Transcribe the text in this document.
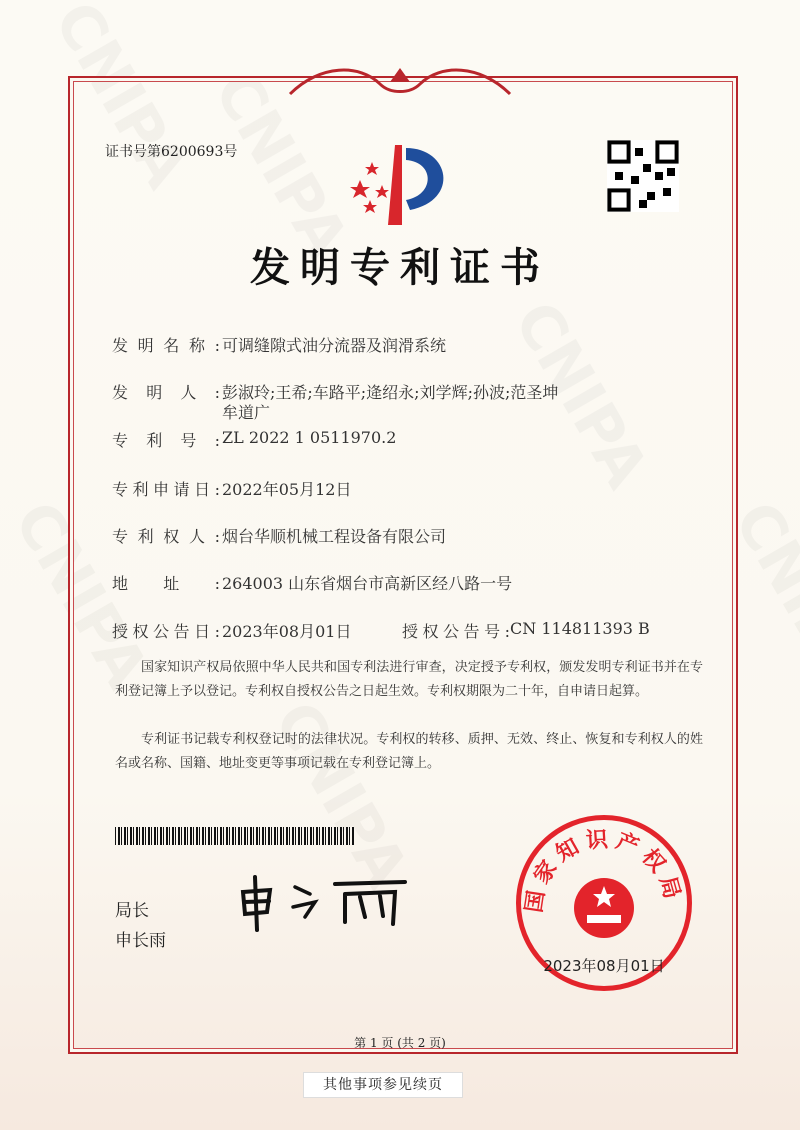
证书号第6200693号
发明专利证书
发明名称: 可调缝隙式油分流器及润滑系统
发明人: 彭淑玲;王希;车路平;逄绍永;刘学辉;孙波;范圣坤
牟道广
专利号: ZL 2022 1 0511970.2
专利申请日: 2022年05月12日
专利权人: 烟台华顺机械工程设备有限公司
地址: 264003 山东省烟台市高新区经八路一号
授权公告日: 2023年08月01日	授权公告号: CN 114811393 B
国家知识产权局依照中华人民共和国专利法进行审查，决定授予专利权，颁发发明专利证书并在专利登记簿上予以登记。专利权自授权公告之日起生效。专利权期限为二十年，自申请日起算。
专利证书记载专利权登记时的法律状况。专利权的转移、质押、无效、终止、恢复和专利权人的姓名或名称、国籍、地址变更等事项记载在专利登记簿上。
局长
申长雨
国家知识产权局
2023年08月01日
第 1 页 (共 2 页)
其他事项参见续页
